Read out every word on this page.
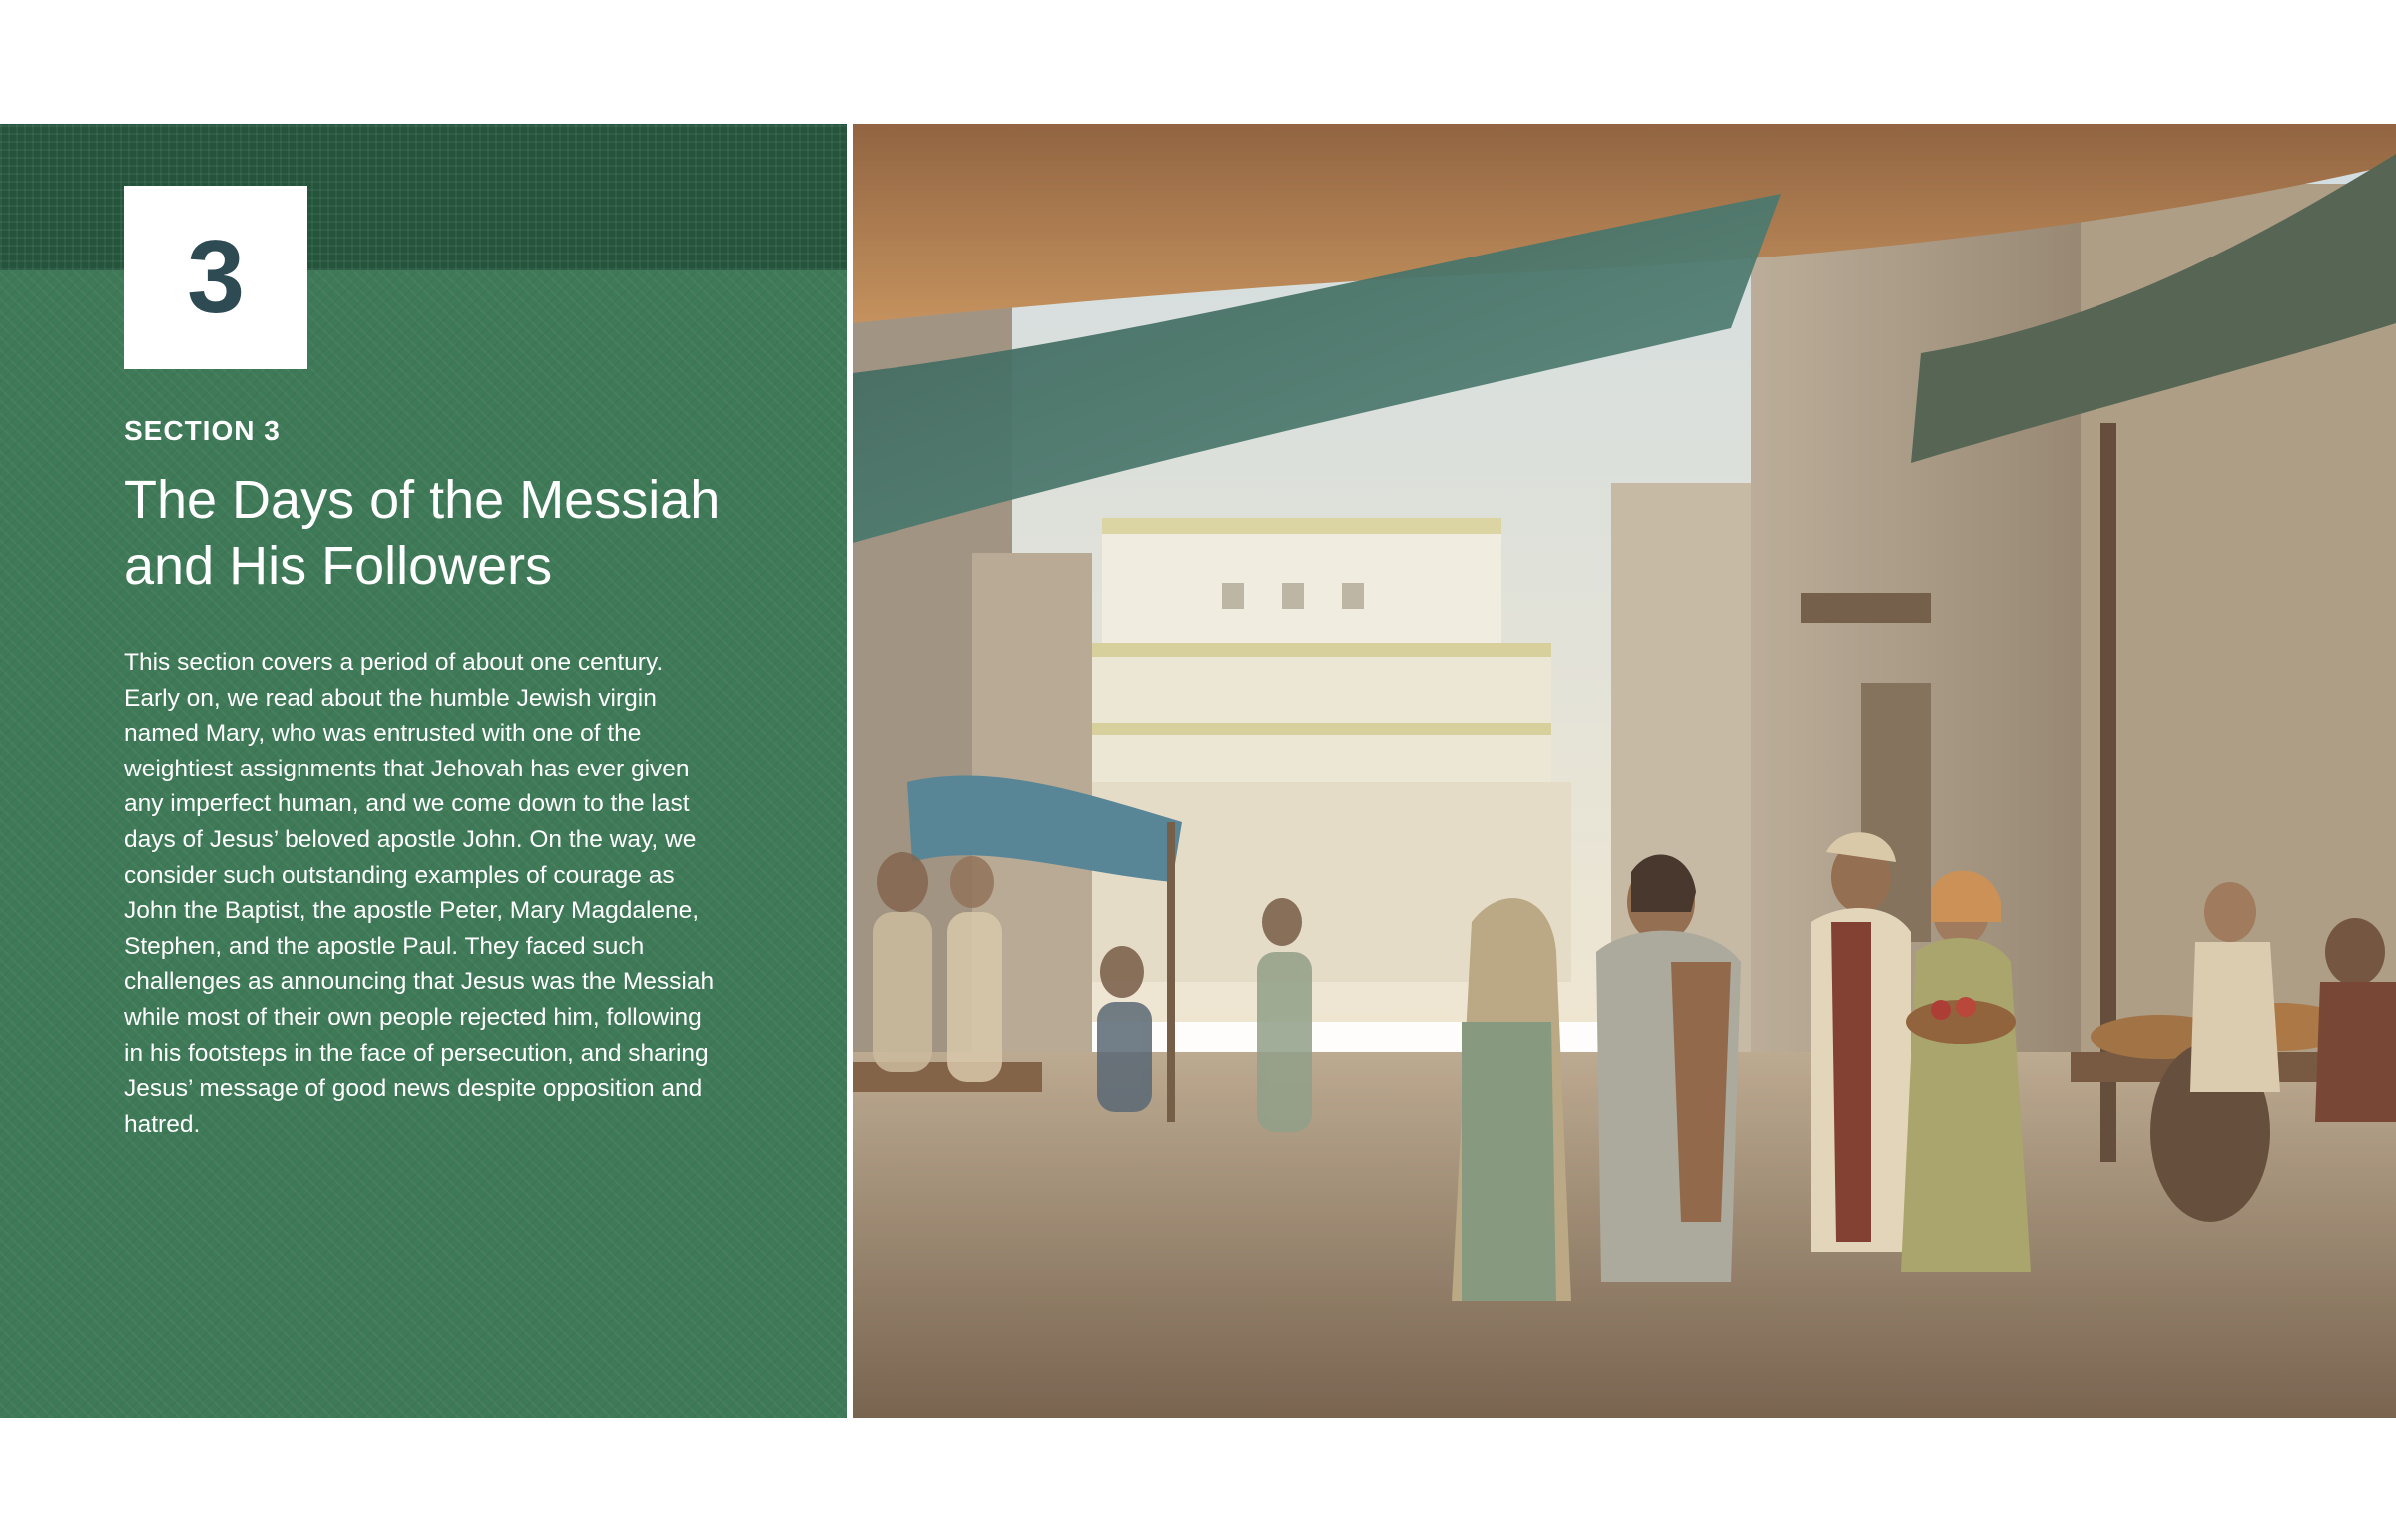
3
SECTION 3
The Days of the Messiah
and His Followers

This section covers a period of about one century. Early on, we read about the humble Jewish virgin named Mary, who was entrusted with one of the weightiest assignments that Jehovah has ever given any imperfect human, and we come down to the last days of Jesus’ beloved apostle John. On the way, we consider such outstanding examples of courage as John the Baptist, the apostle Peter, Mary Magdalene, Stephen, and the apostle Paul. They faced such challenges as announcing that Jesus was the Messiah while most of their own people rejected him, following in his footsteps in the face of persecution, and sharing Jesus’ message of good news despite opposition and hatred.
